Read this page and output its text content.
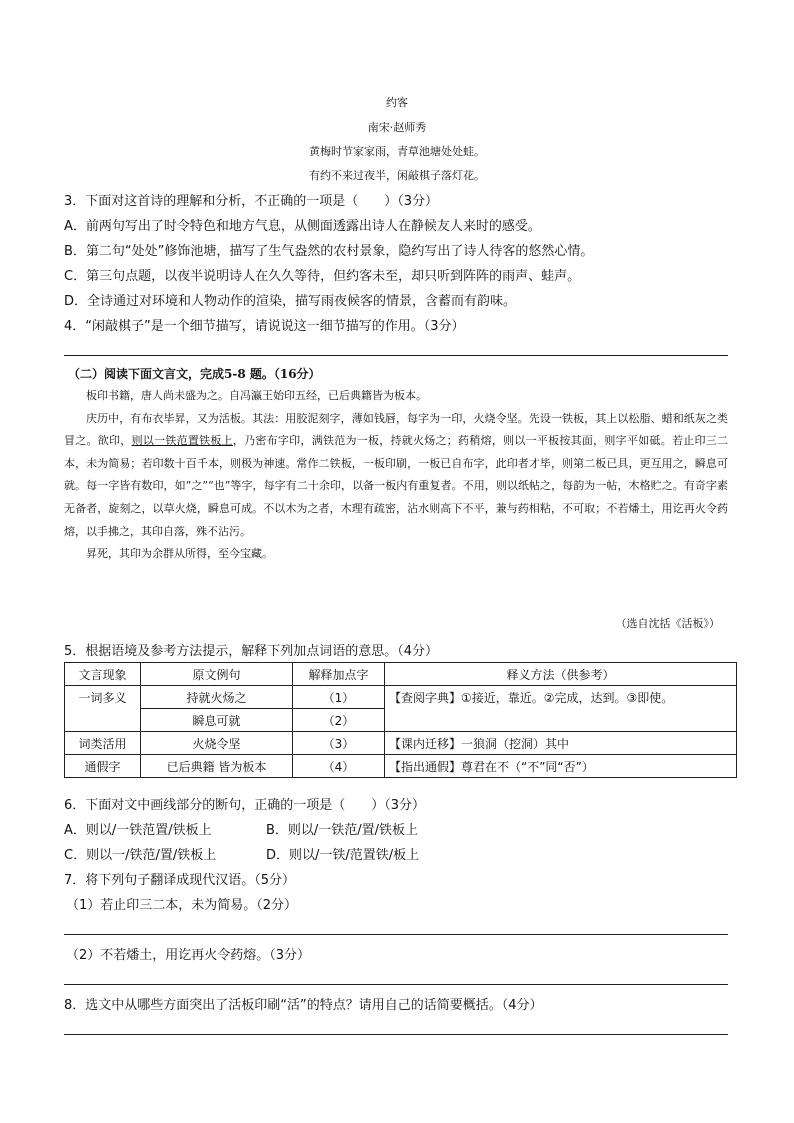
约客
南宋·赵师秀
黄梅时节家家雨，青草池塘处处蛙。
有约不来过夜半，闲敲棋子落灯花。
3．下面对这首诗的理解和分析，不正确的一项是（　　）（3分）
A．前两句写出了时令特色和地方气息，从侧面透露出诗人在静候友人来时的感受。
B．第二句“处处”修饰池塘，描写了生气盎然的农村景象，隐约写出了诗人待客的悠然心情。
C．第三句点题，以夜半说明诗人在久久等待，但约客未至，却只听到阵阵的雨声、蛙声。
D．全诗通过对环境和人物动作的渲染，描写雨夜候客的情景，含蓄而有韵味。
4．“闲敲棋子”是一个细节描写，请说说这一细节描写的作用。（3分）
（二）阅读下面文言文，完成5-8 题。（16分）

板印书籍，唐人尚未盛为之。自冯瀛王始印五经，已后典籍皆为板本。

庆历中，有布衣毕昇，又为活板。其法：用胶泥刻字，薄如钱唇，每字为一印，火烧令坚。先设一铁板，其上以松脂、蜡和纸灰之类冒之。欲印，则以一铁范置铁板上，乃密布字印，满铁范为一板，持就火炀之；药稍熔，则以一平板按其面，则字平如砥。若止印三二本，未为简易；若印数十百千本，则极为神速。常作二铁板，一板印刷，一板已自布字，此印者才毕，则第二板已具，更互用之，瞬息可就。每一字皆有数印，如“之”“也”等字，每字有二十余印，以备一板内有重复者。不用，则以纸帖之，每韵为一帖，木格贮之。有奇字素无备者，旋刻之，以草火烧，瞬息可成。不以木为之者，木理有疏密，沾水则高下不平，兼与药相粘，不可取；不若燔土，用讫再火令药熔，以手拂之，其印自落，殊不沾污。

昇死，其印为余群从所得，至今宝藏。

（选自沈括《活板》）
5．根据语境及参考方法提示，解释下列加点词语的意思。（4分）
文言现象	原文例句	解释加点字	释义方法（供参考）
一词多义	持就火炀之	（1）	【查阅字典】①接近，靠近。②完成，达到。③即使。
	瞬息可就	（2）	
词类活用	火烧令坚	（3）	【课内迁移】一狼洞（挖洞）其中
通假字	已后典籍 皆为板本	（4）	【指出通假】尊君在不（“不”同“否”）
6．下面对文中画线部分的断句，正确的一项是（　　）（3分）
A．则以/一铁范置/铁板上	B．则以/一铁范/置/铁板上
C．则以一/铁范/置/铁板上	D．则以/一铁/范置铁/板上
7．将下列句子翻译成现代汉语。（5分）
（1）若止印三二本，未为简易。（2分）
（2）不若燔土，用讫再火令药熔。（3分）
8．选文中从哪些方面突出了活板印刷“活”的特点？请用自己的话简要概括。（4分）
